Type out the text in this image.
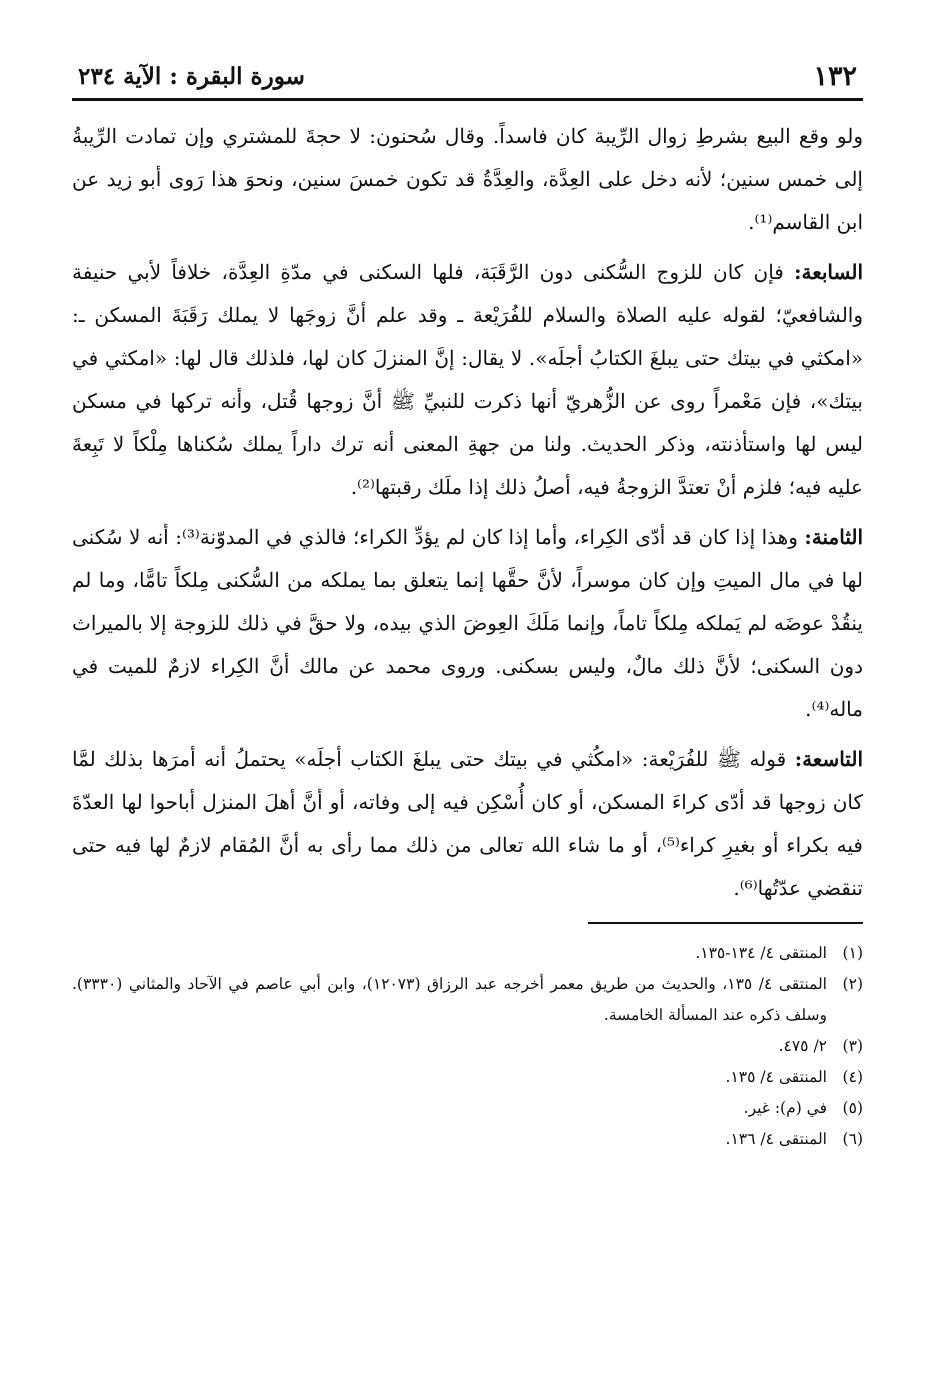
١٣٢
سورة البقرة : الآية ٢٣٤

ولو وقع البيع بشرطِ زوال الرِّيبة كان فاسداً. وقال سُحنون: لا حجةَ للمشتري وإن تمادت الرِّيبةُ إلى خمس سنين؛ لأنه دخل على العِدَّة، والعِدَّةُ قد تكون خمسَ سنين، ونحوَ هذا رَوى أبو زيد عن ابن القاسم⁽¹⁾.

السابعة: فإن كان للزوج السُّكنى دون الرَّقَبَة، فلها السكنى في مدّةِ العِدَّة، خلافاً لأبي حنيفة والشافعيّ؛ لقوله عليه الصلاة والسلام للفُرَيْعة ـ وقد علم أنَّ زوجَها لا يملك رَقَبَةَ المسكن ـ: «امكثي في بيتك حتى يبلغَ الكتابُ أجلَه». لا يقال: إنَّ المنزلَ كان لها، فلذلك قال لها: «امكثي في بيتك»، فإن مَعْمراً روى عن الزُّهريّ أنها ذكرت للنبيِّ ﷺ أنَّ زوجها قُتل، وأنه تركها في مسكن ليس لها واستأذنته، وذكر الحديث. ولنا من جهةِ المعنى أنه ترك داراً يملك سُكناها مِلْكاً لا تَبِعةَ عليه فيه؛ فلزم أنْ تعتدَّ الزوجةُ فيه، أصلُ ذلك إذا ملَك رقبتها⁽²⁾.

الثامنة: وهذا إذا كان قد أدّى الكِراء، وأما إذا كان لم يؤدِّ الكراء؛ فالذي في المدوّنة⁽³⁾: أنه لا سُكنى لها في مال الميتِ وإن كان موسراً، لأنَّ حقَّها إنما يتعلق بما يملكه من السُّكنى مِلكاً تامًّا، وما لم ينقُدْ عوضَه لم يَملكه مِلكاً تاماً، وإنما مَلَكَ العِوضَ الذي بيده، ولا حقَّ في ذلك للزوجة إلا بالميراث دون السكنى؛ لأنَّ ذلك مالٌ، وليس بسكنى. وروى محمد عن مالك أنَّ الكِراء لازمٌ للميت في ماله⁽⁴⁾.

التاسعة: قوله ﷺ للفُرَيْعة: «امكُثي في بيتك حتى يبلغَ الكتاب أجلَه» يحتملُ أنه أمرَها بذلك لمَّا كان زوجها قد أدّى كراءَ المسكن، أو كان أُسْكِن فيه إلى وفاته، أو أنَّ أهلَ المنزل أباحوا لها العدّةَ فيه بكراء أو بغيرِ كراء⁽⁵⁾، أو ما شاء الله تعالى من ذلك مما رأى به أنَّ المُقام لازمٌ لها فيه حتى تنقضي عدّتُها⁽⁶⁾.

(١)
المنتقى ٤/ ١٣٤-١٣٥.
(٢)
المنتقى ٤/ ١٣٥، والحديث من طريق معمر أخرجه عبد الرزاق (١٢٠٧٣)، وابن أبي عاصم في الآحاد والمثاني (٣٣٣٠). وسلف ذكره عند المسألة الخامسة.
(٣)
٢/ ٤٧٥.
(٤)
المنتقى ٤/ ١٣٥.
(٥)
في (م): غير.
(٦)
المنتقى ٤/ ١٣٦.
